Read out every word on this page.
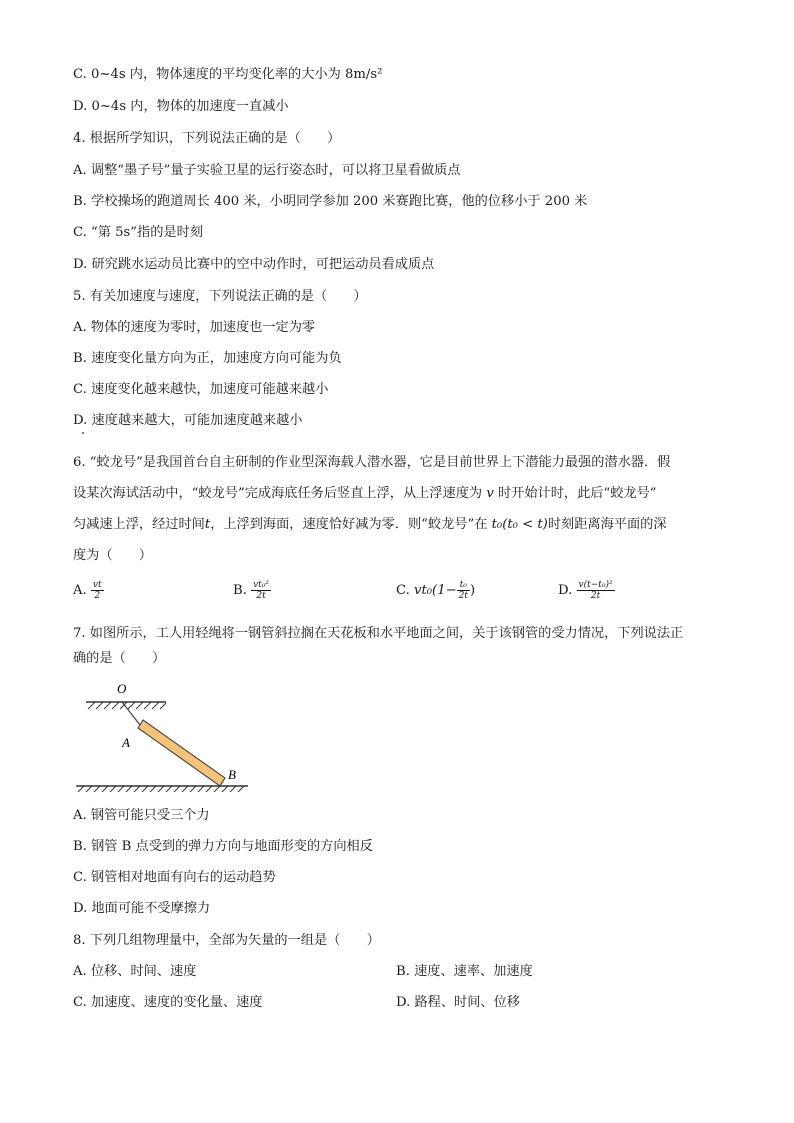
C. 0~4s 内，物体速度的平均变化率的大小为 8m/s²
D. 0~4s 内，物体的加速度一直减小
4. 根据所学知识，下列说法正确的是（　　）
A. 调整“墨子号”量子实验卫星的运行姿态时，可以将卫星看做质点
B. 学校操场的跑道周长 400 米，小明同学参加 200 米赛跑比赛，他的位移小于 200 米
C. “第 5s”指的是时刻
D. 研究跳水运动员比赛中的空中动作时，可把运动员看成质点
5. 有关加速度与速度，下列说法正确的是（　　）
A. 物体的速度为零时，加速度也一定为零
B. 速度变化量方向为正，加速度方向可能为负
C. 速度变化越来越快，加速度可能越来越小
D. 速度越来越大，可能加速度越来越小
6. “蛟龙号”是我国首台自主研制的作业型深海载人潜水器，它是目前世界上下潜能力最强的潜水器．假
设某次海试活动中，“蛟龙号”完成海底任务后竖直上浮，从上浮速度为 v 时开始计时，此后“蛟龙号”
匀减速上浮，经过时间t，上浮到海面，速度恰好减为零．则“蛟龙号”在 t₀(t₀ < t)时刻距离海平面的深
度为（　　）
A. $\frac{vt}{2}$	B. $\frac{\text{vt₀²}}{2t}$	C. $vt_0(1- \frac{\text{t₀}}{2t}$ )	D. $\frac{\text{v(t−t₀)²}}{2t}$
7. 如图所示，工人用轻绳将一钢管斜拉搁在天花板和水平地面之间，关于该钢管的受力情况，下列说法正
确的是（　　）
O
A
B
A. 钢管可能只受三个力
B. 钢管 B 点受到的弹力方向与地面形变的方向相反
C. 钢管相对地面有向右的运动趋势
D. 地面可能不受摩擦力
8. 下列几组物理量中，全部为矢量的一组是（　　）
A. 位移、时间、速度	B. 速度、速率、加速度
C. 加速度、速度的变化量、速度	D. 路程、时间、位移
